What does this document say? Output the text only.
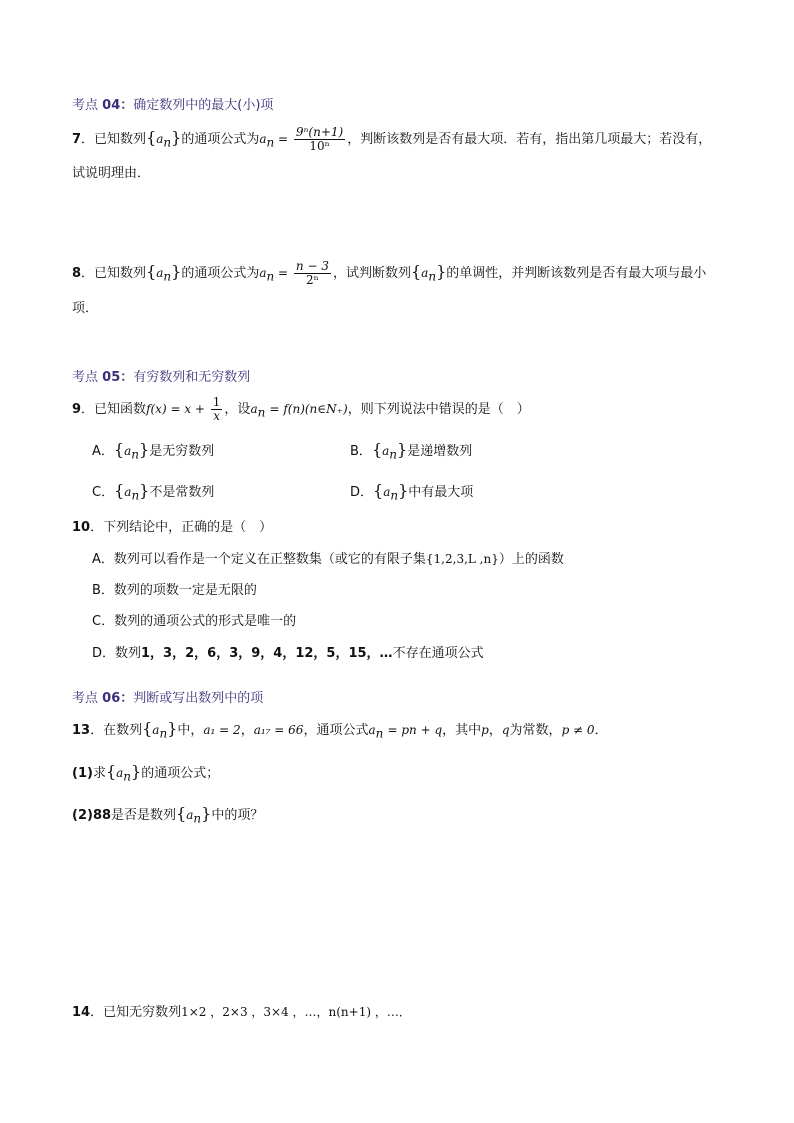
考点 04：确定数列中的最大(小)项
7．已知数列$\{a_n\}$的通项公式为$a_n = \frac{\text{9ⁿ(n+1)}}{\text{10ⁿ}}$ ，判断该数列是否有最大项．若有，指出第几项最大；若没有，
试说明理由．
8．已知数列$\{a_n\}$的通项公式为$a_n = \frac{n - 3}{\text{2ⁿ}}$ ，试判断数列$\{a_n\}$的单调性，并判断该数列是否有最大项与最小
项．
考点 05：有穷数列和无穷数列
9．已知函数$f(x) = x + \frac{1}{x}$ ，设$a_n$ = f(n)(n∈N₊)，则下列说法中错误的是（　）
A．$\{a_n\}$是无穷数列	B．$\{a_n\}$是递增数列
C．$\{a_n\}$不是常数列	D．$\{a_n\}$中有最大项
10．下列结论中，正确的是（　）
A．数列可以看作是一个定义在正整数集（或它的有限子集{1,2,3,L ,n}）上的函数
B．数列的项数一定是无限的
C．数列的通项公式的形式是唯一的
D．数列1，3，2，6，3，9，4，12，5，15，…不存在通项公式
考点 06：判断或写出数列中的项
13．在数列$\{a_n\}$中，a₁ = 2，a₁₇ = 66，通项公式$a_n$ = pn + q，其中p，q为常数，p ≠ 0．
(1)求$\{a_n\}$的通项公式；
(2)88是否是数列$\{a_n\}$中的项？
14．已知无穷数列1×2 ，2×3 ，3×4 ，…，n(n+1) ，…．
